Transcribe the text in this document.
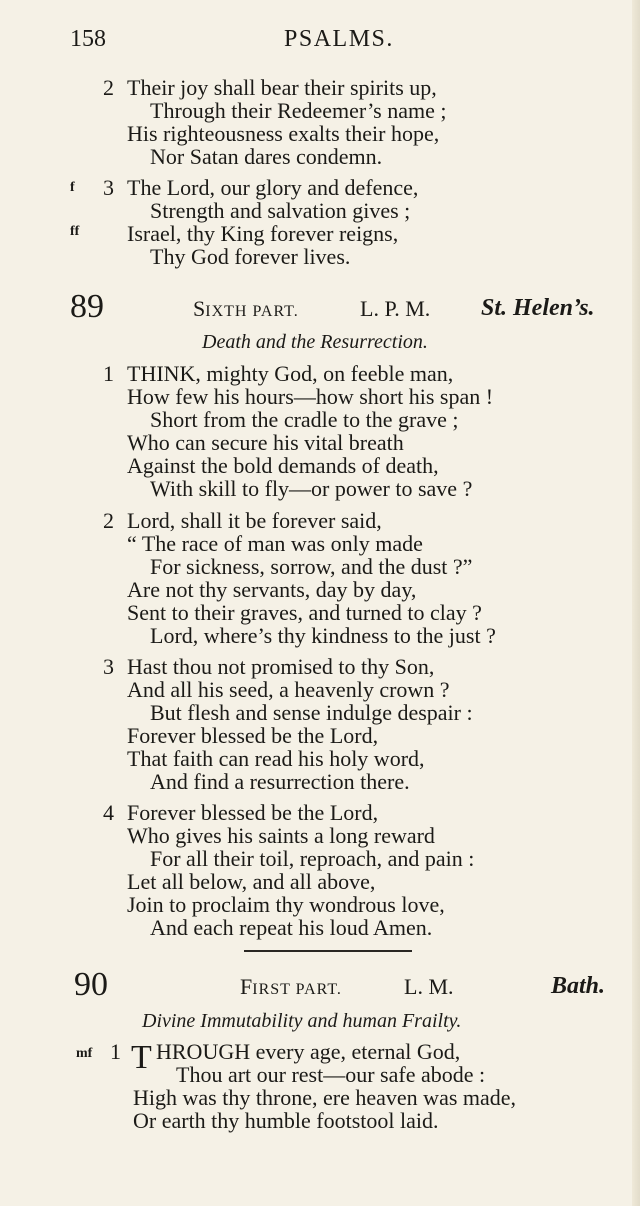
158	PSALMS.
2 Their joy shall bear their spirits up,
Through their Redeemer’s name ;
His righteousness exalts their hope,
Nor Satan dares condemn.
f 3 The Lord, our glory and defence,
Strength and salvation gives ;
ff Israel, thy King forever reigns,
Thy God forever lives.
89	SIXTH PART.	L. P. M. St. Helen’s.
Death and the Resurrection.
1 THINK, mighty God, on feeble man,
How few his hours—how short his span !
Short from the cradle to the grave ;
Who can secure his vital breath
Against the bold demands of death,
With skill to fly—or power to save ?
2 Lord, shall it be forever said,
“ The race of man was only made
For sickness, sorrow, and the dust ?”
Are not thy servants, day by day,
Sent to their graves, and turned to clay ?
Lord, where’s thy kindness to the just ?
3 Hast thou not promised to thy Son,
And all his seed, a heavenly crown ?
But flesh and sense indulge despair :
Forever blessed be the Lord,
That faith can read his holy word,
And find a resurrection there.
4 Forever blessed be the Lord,
Who gives his saints a long reward
For all their toil, reproach, and pain :
Let all below, and all above,
Join to proclaim thy wondrous love,
And each repeat his loud Amen.
90	FIRST PART.	L. M.	Bath.
Divine Immutability and human Frailty.
mf 1 T HROUGH every age, eternal God,
Thou art our rest—our safe abode :
High was thy throne, ere heaven was made,
Or earth thy humble footstool laid.
